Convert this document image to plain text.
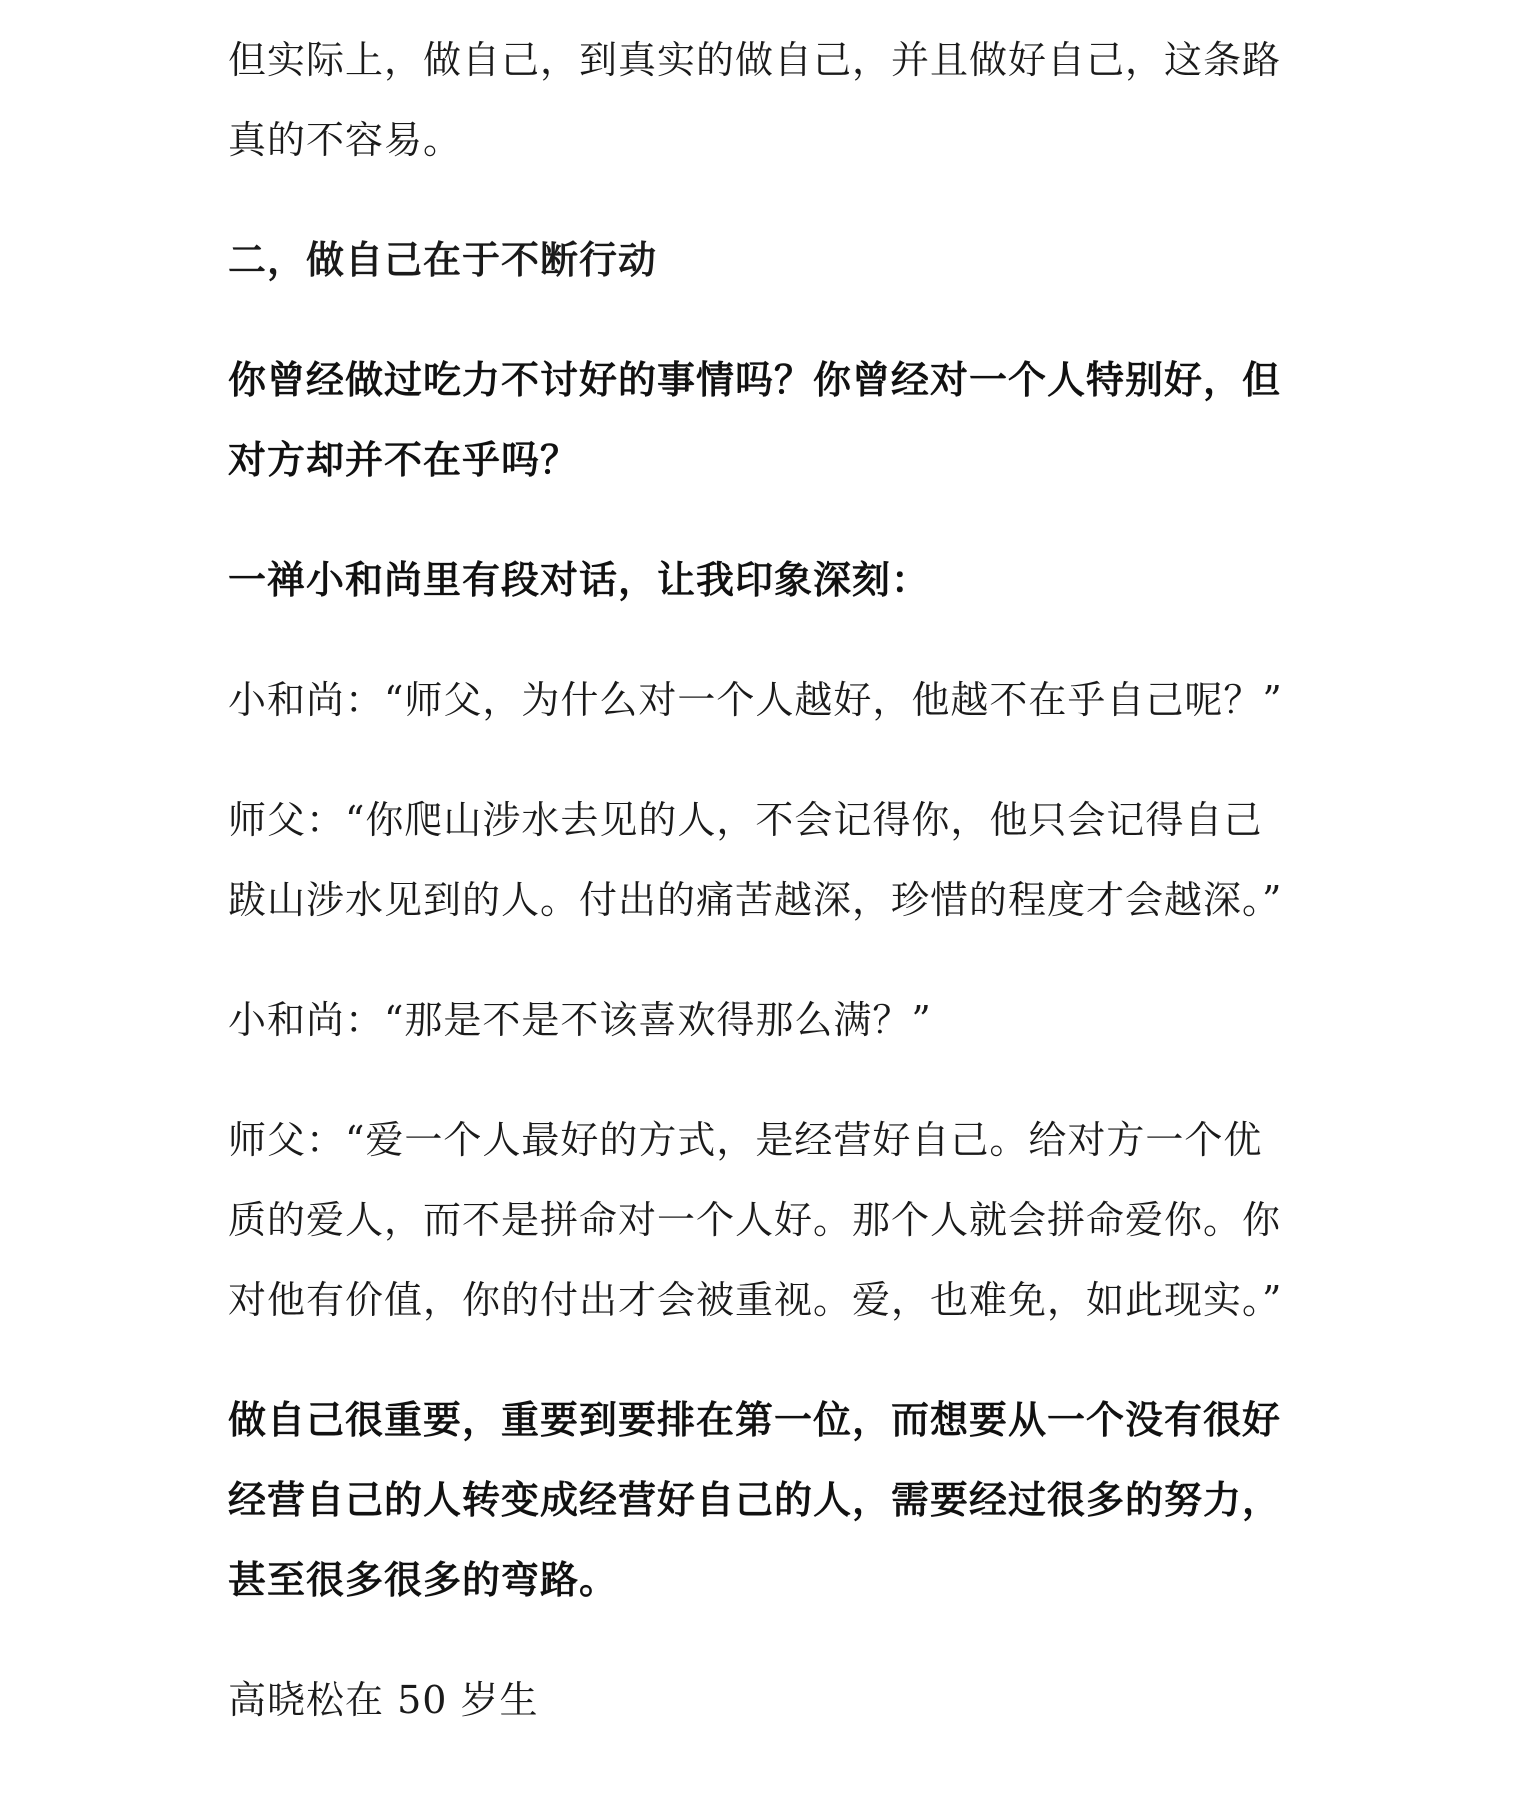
但实际上，做自己，到真实的做自己，并且做好自己，这条路真的不容易。

二，做自己在于不断行动

你曾经做过吃力不讨好的事情吗？你曾经对一个人特别好，但对方却并不在乎吗？

一禅小和尚里有段对话，让我印象深刻：

小和尚：“师父，为什么对一个人越好，他越不在乎自己呢？”

师父：“你爬山涉水去见的人，不会记得你，他只会记得自己跋山涉水见到的人。付出的痛苦越深，珍惜的程度才会越深。”

小和尚：“那是不是不该喜欢得那么满？”

师父：“爱一个人最好的方式，是经营好自己。给对方一个优质的爱人，而不是拼命对一个人好。那个人就会拼命爱你。你对他有价值，你的付出才会被重视。爱，也难免，如此现实。”

做自己很重要，重要到要排在第一位，而想要从一个没有很好经营自己的人转变成经营好自己的人，需要经过很多的努力，甚至很多很多的弯路。

高晓松在 50 岁生
